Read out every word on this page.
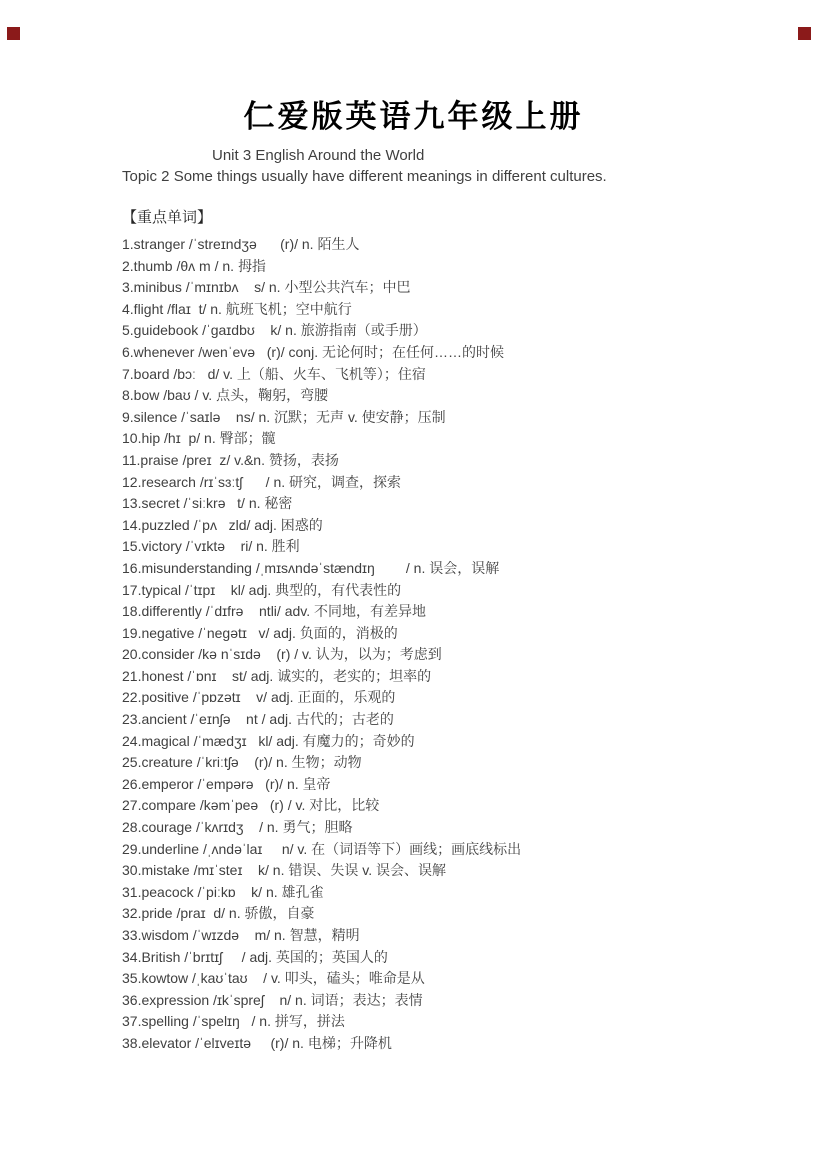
仁爱版英语九年级上册
Unit 3 English Around the World
Topic 2 Some things usually have different meanings in different cultures.
【重点单词】
1.stranger /ˈstreɪndʒə      (r)/ n. 陌生人
2.thumb /θʌ m / n. 拇指
3.minibus /ˈmɪnɪbʌ    s/ n. 小型公共汽车；中巴
4.flight /flaɪ  t/ n. 航班飞机；空中航行
5.guidebook /ˈgaɪdbʊ    k/ n. 旅游指南（或手册）
6.whenever /wenˈevə   (r)/ conj. 无论何时；在任何……的时候
7.board /bɔː   d/ v. 上（船、火车、飞机等）；住宿
8.bow /baʊ / v. 点头，鞠躬，弯腰
9.silence /ˈsaɪlə    ns/ n. 沉默；无声 v. 使安静；压制
10.hip /hɪ  p/ n. 臀部；髋
11.praise /preɪ  z/ v.&n. 赞扬，表扬
12.research /rɪˈsɜːtʃ      / n. 研究，调查，探索
13.secret /ˈsiːkrə   t/ n. 秘密
14.puzzled /ˈpʌ   zld/ adj. 困惑的
15.victory /ˈvɪktə    ri/ n. 胜利
16.misunderstanding /ˌmɪsʌndəˈstændɪŋ        / n. 误会，误解
17.typical /ˈtɪpɪ    kl/ adj. 典型的，有代表性的
18.differently /ˈdɪfrə    ntli/ adv. 不同地，有差异地
19.negative /ˈnegətɪ   v/ adj. 负面的，消极的
20.consider /kə nˈsɪdə    (r) / v. 认为，以为；考虑到
21.honest /ˈɒnɪ    st/ adj. 诚实的，老实的；坦率的
22.positive /ˈpɒzətɪ    v/ adj. 正面的，乐观的
23.ancient /ˈeɪnʃə    nt / adj. 古代的；古老的
24.magical /ˈmædʒɪ   kl/ adj. 有魔力的；奇妙的
25.creature /ˈkriːtʃə    (r)/ n. 生物；动物
26.emperor /ˈempərə   (r)/ n. 皇帝
27.compare /kəmˈpeə   (r) / v. 对比，比较
28.courage /ˈkʌrɪdʒ    / n. 勇气；胆略
29.underline /ˌʌndəˈlaɪ     n/ v. 在（词语等下）画线；画底线标出
30.mistake /mɪˈsteɪ    k/ n. 错误、失误 v. 误会、误解
31.peacock /ˈpiːkɒ    k/ n. 雄孔雀
32.pride /praɪ  d/ n. 骄傲，自豪
33.wisdom /ˈwɪzdə    m/ n. 智慧，精明
34.British /ˈbrɪtɪʃ     / adj. 英国的；英国人的
35.kowtow /ˌkaʊˈtaʊ    / v. 叩头，磕头；唯命是从
36.expression /ɪkˈspreʃ    n/ n. 词语；表达；表情
37.spelling /ˈspelɪŋ   / n. 拼写，拼法
38.elevator /ˈelɪveɪtə     (r)/ n. 电梯；升降机
